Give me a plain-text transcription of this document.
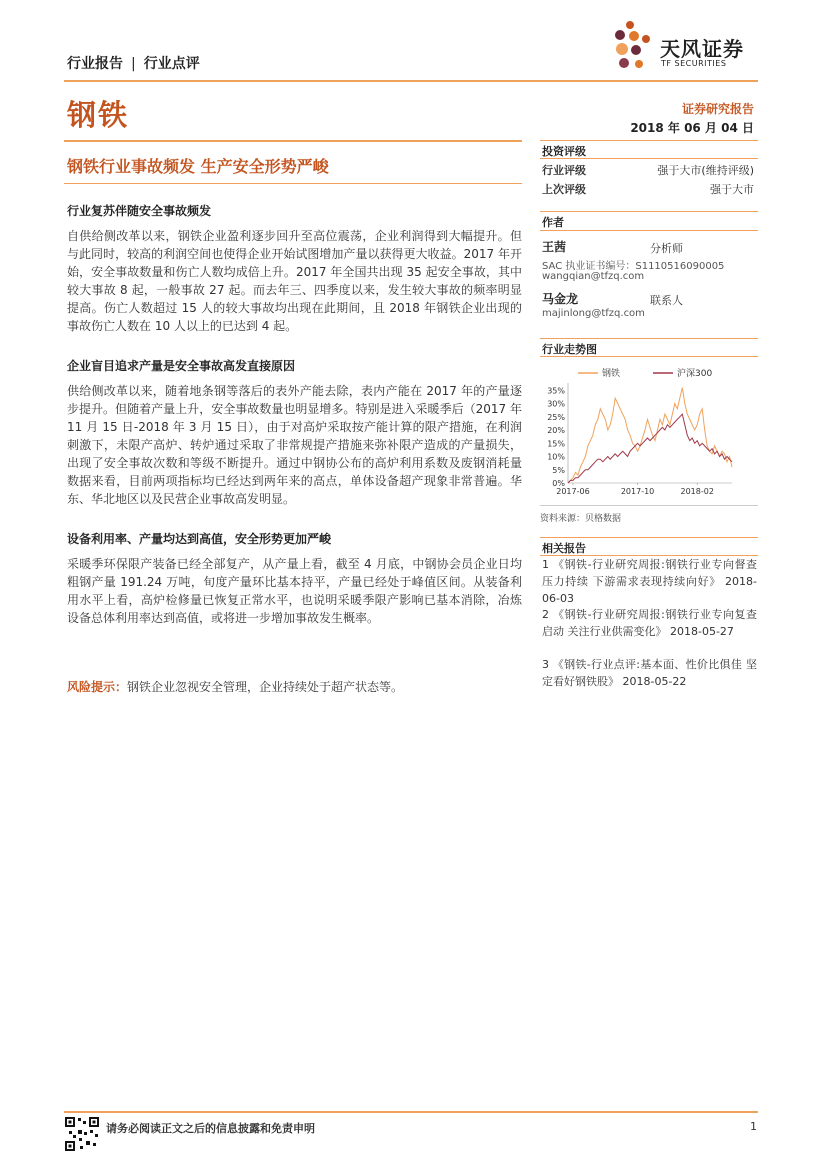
行业报告 | 行业点评
天风证券
TF SECURITIES
钢铁	证券研究报告
2018 年 06 月 04 日
钢铁行业事故频发 生产安全形势严峻
行业复苏伴随安全事故频发
自供给侧改革以来，钢铁企业盈利逐步回升至高位震荡，企业利润得到大幅提升。但与此同时，较高的利润空间也使得企业开始试图增加产量以获得更大收益。2017 年开始，安全事故数量和伤亡人数均成倍上升。2017 年全国共出现 35 起安全事故，其中较大事故 8 起，一般事故 27 起。而去年三、四季度以来，发生较大事故的频率明显提高。伤亡人数超过 15 人的较大事故均出现在此期间，且 2018 年钢铁企业出现的事故伤亡人数在 10 人以上的已达到 4 起。
企业盲目追求产量是安全事故高发直接原因
供给侧改革以来，随着地条钢等落后的表外产能去除，表内产能在 2017 年的产量逐步提升。但随着产量上升，安全事故数量也明显增多。特别是进入采暖季后（2017 年 11 月 15 日-2018 年 3 月 15 日），由于对高炉采取按产能计算的限产措施，在利润刺激下，未限产高炉、转炉通过采取了非常规提产措施来弥补限产造成的产量损失，出现了安全事故次数和等级不断提升。通过中钢协公布的高炉利用系数及废钢消耗量数据来看，目前两项指标均已经达到两年来的高点，单体设备超产现象非常普遍。华东、华北地区以及民营企业事故高发明显。
设备利用率、产量均达到高值，安全形势更加严峻
采暖季环保限产装备已经全部复产，从产量上看，截至 4 月底，中钢协会员企业日均粗钢产量 191.24 万吨，旬度产量环比基本持平，产量已经处于峰值区间。从装备利用水平上看，高炉检修量已恢复正常水平，也说明采暖季限产影响已基本消除，冶炼设备总体利用率达到高值，或将进一步增加事故发生概率。
风险提示：钢铁企业忽视安全管理，企业持续处于超产状态等。
投资评级
行业评级	强于大市(维持评级)
上次评级	强于大市
作者
王茜	分析师
SAC 执业证书编号：S1110516090005
wangqian@tfzq.com
马金龙	联系人
majinlong@tfzq.com
行业走势图
钢铁	沪深300
0%
5%
10%
15%
20%
25%
30%
35%
2017-06	2017-10	2018-02
资料来源：贝格数据
相关报告
1 《钢铁-行业研究周报:钢铁行业专向督查压力持续 下游需求表现持续向好》 2018-06-03
2 《钢铁-行业研究周报:钢铁行业专向复查启动 关注行业供需变化》 2018-05-27
3 《钢铁-行业点评:基本面、性价比俱佳 坚定看好钢铁股》 2018-05-22
请务必阅读正文之后的信息披露和免责申明	1
